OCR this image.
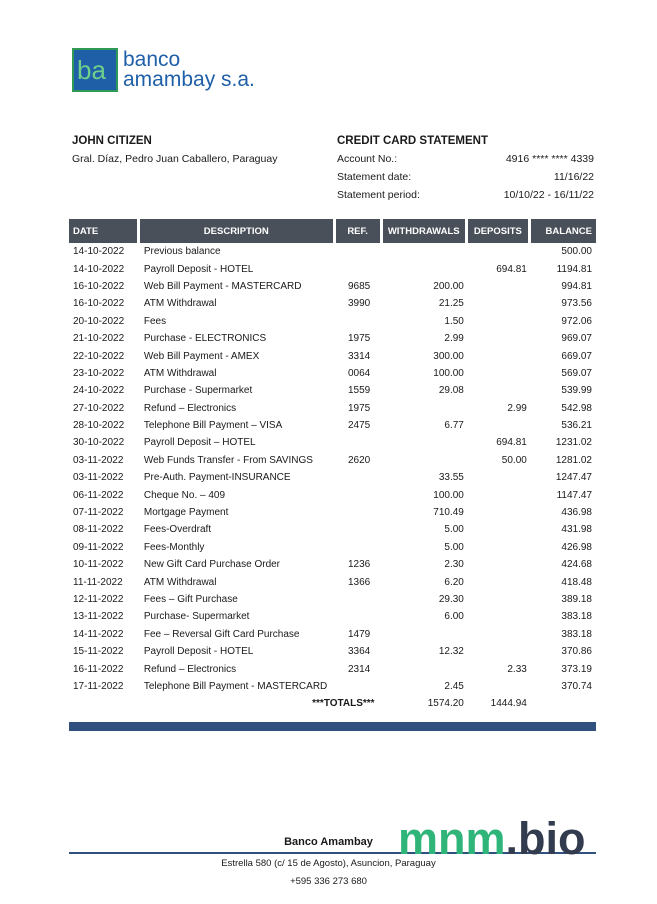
ba banco
amambay s.a.
JOHN CITIZEN
Gral. Díaz, Pedro Juan Caballero, Paraguay
CREDIT CARD STATEMENT
Account No.:	4916 **** **** 4339
Statement date:	11/16/22
Statement period:	10/10/22 - 16/11/22
DATE	DESCRIPTION	REF.	WITHDRAWALS	DEPOSITS	BALANCE
14-10-2022	Previous balance				500.00
14-10-2022	Payroll Deposit - HOTEL			694.81	1194.81
16-10-2022	Web Bill Payment - MASTERCARD	9685	200.00		994.81
16-10-2022	ATM Withdrawal	3990	21.25		973.56
20-10-2022	Fees		1.50		972.06
21-10-2022	Purchase - ELECTRONICS	1975	2.99		969.07
22-10-2022	Web Bill Payment - AMEX	3314	300.00		669.07
23-10-2022	ATM Withdrawal	0064	100.00		569.07
24-10-2022	Purchase - Supermarket	1559	29.08		539.99
27-10-2022	Refund – Electronics	1975		2.99	542.98
28-10-2022	Telephone Bill Payment – VISA	2475	6.77		536.21
30-10-2022	Payroll Deposit – HOTEL			694.81	1231.02
03-11-2022	Web Funds Transfer - From SAVINGS	2620		50.00	1281.02
03-11-2022	Pre-Auth. Payment-INSURANCE		33.55		1247.47
06-11-2022	Cheque No. – 409		100.00		1147.47
07-11-2022	Mortgage Payment		710.49		436.98
08-11-2022	Fees-Overdraft		5.00		431.98
09-11-2022	Fees-Monthly		5.00		426.98
10-11-2022	New Gift Card Purchase Order	1236	2.30		424.68
11-11-2022	ATM Withdrawal	1366	6.20		418.48
12-11-2022	Fees – Gift Purchase		29.30		389.18
13-11-2022	Purchase- Supermarket		6.00		383.18
14-11-2022	Fee – Reversal Gift Card Purchase	1479			383.18
15-11-2022	Payroll Deposit - HOTEL	3364	12.32		370.86
16-11-2022	Refund – Electronics	2314		2.33	373.19
17-11-2022	Telephone Bill Payment - MASTERCARD		2.45		370.74
***TOTALS***			1574.20	1444.94	
Banco Amambay
Estrella 580 (c/ 15 de Agosto), Asuncion, Paraguay
+595 336 273 680
mnm.bio
